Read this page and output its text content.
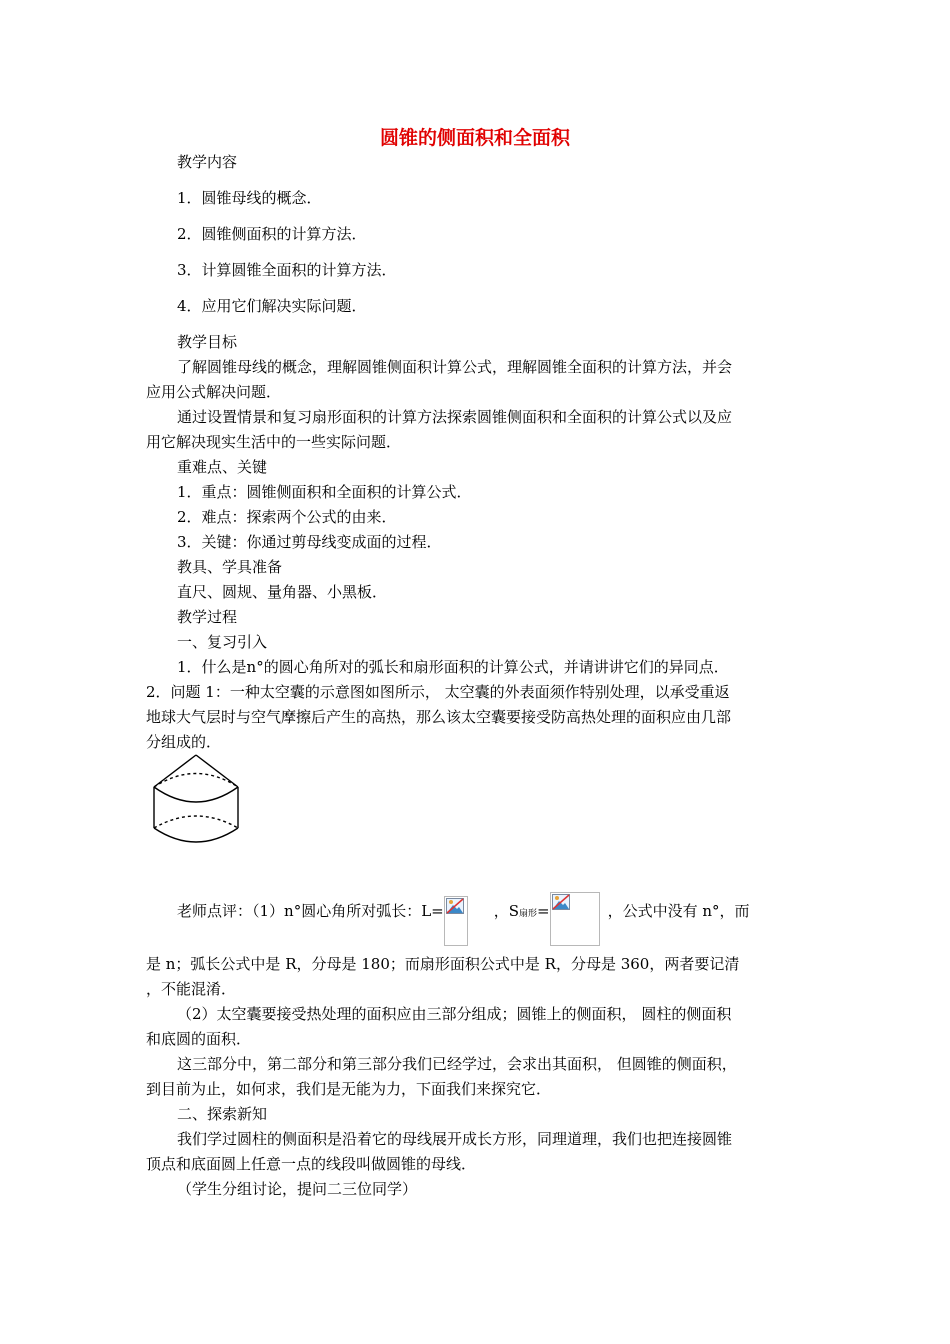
圆锥的侧面积和全面积
教学内容
1．圆锥母线的概念．
2．圆锥侧面积的计算方法．
3．计算圆锥全面积的计算方法．
4．应用它们解决实际问题．
教学目标
了解圆锥母线的概念，理解圆锥侧面积计算公式，理解圆锥全面积的计算方法，并会
应用公式解决问题．
通过设置情景和复习扇形面积的计算方法探索圆锥侧面积和全面积的计算公式以及应
用它解决现实生活中的一些实际问题．
重难点、关键
1．重点：圆锥侧面积和全面积的计算公式．
2．难点：探索两个公式的由来．
3．关键：你通过剪母线变成面的过程．
教具、学具准备
直尺、圆规、量角器、小黑板．
教学过程
一、复习引入
1．什么是n°的圆心角所对的弧长和扇形面积的计算公式，并请讲讲它们的异同点．
2．问题 1：一种太空囊的示意图如图所示， 太空囊的外表面须作特别处理，以承受重返
地球大气层时与空气摩擦后产生的高热，那么该太空囊要接受防高热处理的面积应由几部
分组成的．
老师点评：（1）n°圆心角所对弧长：L=	，S扇形=	，公式中没有 n°，而
是 n；弧长公式中是 R，分母是 180；而扇形面积公式中是 R，分母是 360，两者要记清
，不能混淆．
（2）太空囊要接受热处理的面积应由三部分组成；圆锥上的侧面积， 圆柱的侧面积
和底圆的面积．
这三部分中，第二部分和第三部分我们已经学过，会求出其面积， 但圆锥的侧面积，
到目前为止，如何求，我们是无能为力，下面我们来探究它．
二、探索新知
我们学过圆柱的侧面积是沿着它的母线展开成长方形，同理道理，我们也把连接圆锥
顶点和底面圆上任意一点的线段叫做圆锥的母线．
（学生分组讨论，提问二三位同学）
